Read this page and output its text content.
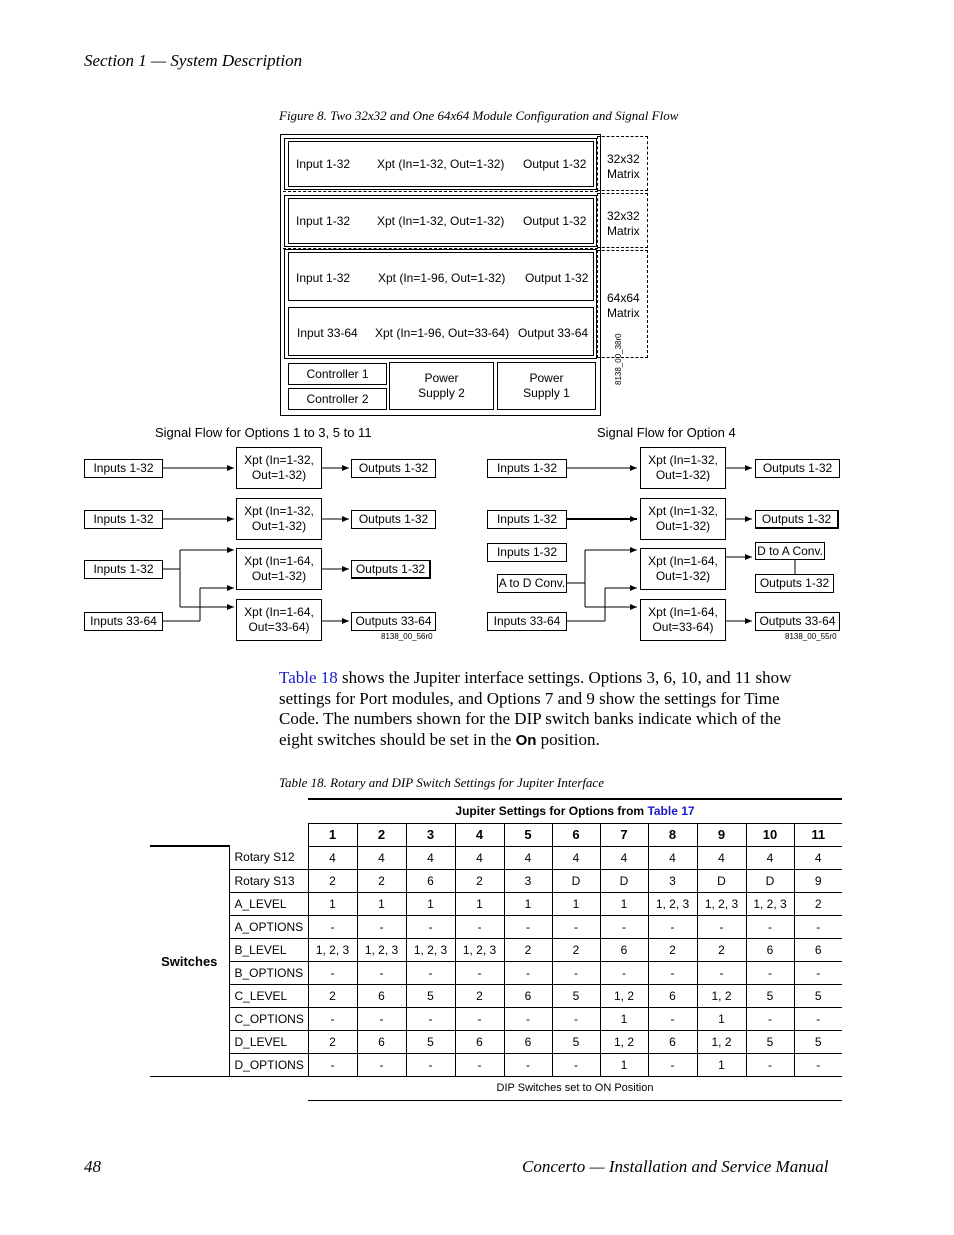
Section 1 — System Description
Figure 8. Two 32x32 and One 64x64 Module Configuration and Signal Flow
Input 1-32 Xpt (In=1-32, Out=1-32) Output 1-32
Input 1-32 Xpt (In=1-32, Out=1-32) Output 1-32
Input 1-32 Xpt (In=1-96, Out=1-32) Output 1-32
Input 33-64 Xpt (In=1-96, Out=33-64) Output 33-64
32x32
Matrix
32x32
Matrix
64x64
Matrix
Controller 1
Controller 2
Power
Supply 2
Power
Supply 1
8138_00_38r0
Signal Flow for Options 1 to 3, 5 to 11
Inputs 1-32
Inputs 1-32
Inputs 1-32
Inputs 33-64
Xpt (In=1-32,
Out=1-32)
Xpt (In=1-32,
Out=1-32)
Xpt (In=1-64,
Out=1-32)
Xpt (In=1-64,
Out=33-64)
Outputs 1-32
Outputs 1-32
Outputs 1-32
Outputs 33-64
8138_00_56r0
Signal Flow for Option 4
Inputs 1-32
Inputs 1-32
Inputs 1-32
A to D Conv.
Inputs 33-64
Xpt (In=1-32,
Out=1-32)
Xpt (In=1-32,
Out=1-32)
Xpt (In=1-64,
Out=1-32)
Xpt (In=1-64,
Out=33-64)
Outputs 1-32
Outputs 1-32
D to A Conv.
Outputs 1-32
Outputs 33-64
8138_00_55r0
Table 18 shows the Jupiter interface settings. Options 3, 6, 10, and 11 show
settings for Port modules, and Options 7 and 9 show the settings for Time
Code. The numbers shown for the DIP switch banks indicate which of the
eight switches should be set in the On position.
Table 18. Rotary and DIP Switch Settings for Jupiter Interface
		Jupiter Settings for Options from Table 17										
		1	2	3	4	5	6	7	8	9	10	11
Switches	Rotary S12	4	4	4	4	4	4	4	4	4	4	4
	Rotary S13	2	2	6	2	3	D	D	3	D	D	9
	A_LEVEL	1	1	1	1	1	1	1	1, 2, 3	1, 2, 3	1, 2, 3	2
	A_OPTIONS	-	-	-	-	-	-	-	-	-	-	-
	B_LEVEL	1, 2, 3	1, 2, 3	1, 2, 3	1, 2, 3	2	2	6	2	2	6	6
	B_OPTIONS	-	-	-	-	-	-	-	-	-	-	-
	C_LEVEL	2	6	5	2	6	5	1, 2	6	1, 2	5	5
	C_OPTIONS	-	-	-	-	-	-	1	-	1	-	-
	D_LEVEL	2	6	5	6	6	5	1, 2	6	1, 2	5	5
	D_OPTIONS	-	-	-	-	-	-	1	-	1	-	-
		DIP Switches set to ON Position										
48	Concerto — Installation and Service Manual
